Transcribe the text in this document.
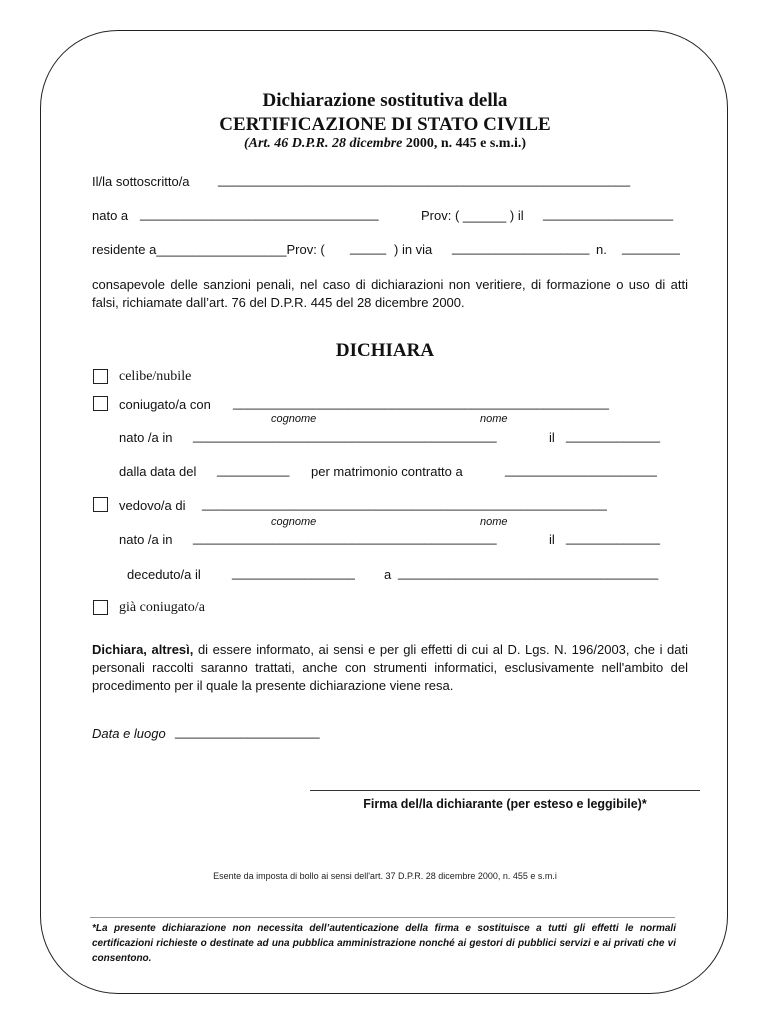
Dichiarazione sostitutiva della
CERTIFICAZIONE DI STATO CIVILE
(Art. 46 D.P.R. 28 dicembre 2000, n. 445 e s.m.i.)
Il/la sottoscritto/a _________________________________________________________
nato a _________________________________	Prov: ( ______ ) il __________________
residente a__________________Prov: ( _____ ) in via ___________________ n. ________
consapevole delle sanzioni penali, nel caso di dichiarazioni non veritiere, di formazione o uso di atti falsi, richiamate dall’art. 76 del D.P.R. 445 del 28 dicembre 2000.
DICHIARA
celibe/nubile
coniugato/a con ____________________________________________________
cognome	nome
nato /a in __________________________________________	il _____________
dalla data del __________ per matrimonio contratto a	_____________________
vedovo/a di ________________________________________________________
cognome	nome
nato /a in __________________________________________	il _____________
deceduto/a il _________________ a ____________________________________
già coniugato/a
Dichiara, altresì, di essere informato, ai sensi e per gli effetti di cui al D. Lgs. N. 196/2003, che i dati personali raccolti saranno trattati, anche con strumenti informatici, esclusivamente nell'ambito del procedimento per il quale la presente dichiarazione viene resa.
Data e luogo ____________________
Firma del/la dichiarante (per esteso e leggibile)*
Esente da imposta di bollo ai sensi dell'art. 37 D.P.R. 28 dicembre 2000, n. 455 e s.m.i
*La presente dichiarazione non necessita dell’autenticazione della firma e sostituisce a tutti gli effetti le normali certificazioni richieste o destinate ad una pubblica amministrazione nonché ai gestori di pubblici servizi e ai privati che vi consentono.
